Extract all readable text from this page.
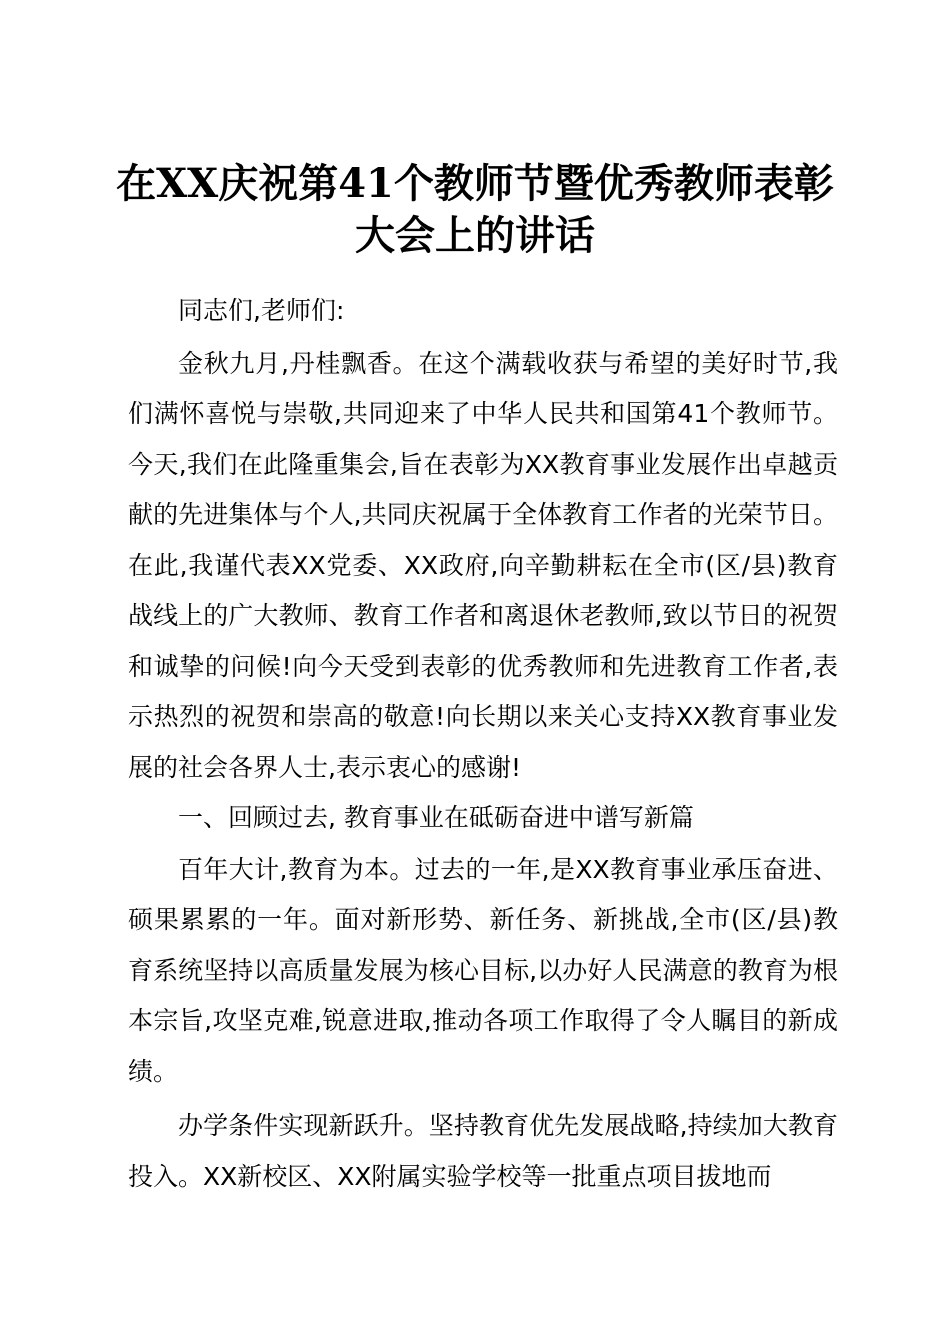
在XX庆祝第41个教师节暨优秀教师表彰大会上的讲话

同志们,老师们:

金秋九月,丹桂飘香。在这个满载收获与希望的美好时节,我们满怀喜悦与崇敬,共同迎来了中华人民共和国第41个教师节。今天,我们在此隆重集会,旨在表彰为XX教育事业发展作出卓越贡献的先进集体与个人,共同庆祝属于全体教育工作者的光荣节日。在此,我谨代表XX党委、XX政府,向辛勤耕耘在全市(区/县)教育战线上的广大教师、教育工作者和离退休老教师,致以节日的祝贺和诚挚的问候!向今天受到表彰的优秀教师和先进教育工作者,表示热烈的祝贺和崇高的敬意!向长期以来关心支持XX教育事业发展的社会各界人士,表示衷心的感谢!

一、回顾过去, 教育事业在砥砺奋进中谱写新篇

百年大计,教育为本。过去的一年,是XX教育事业承压奋进、硕果累累的一年。面对新形势、新任务、新挑战,全市(区/县)教育系统坚持以高质量发展为核心目标,以办好人民满意的教育为根本宗旨,攻坚克难,锐意进取,推动各项工作取得了令人瞩目的新成绩。

办学条件实现新跃升。坚持教育优先发展战略,持续加大教育投入。XX新校区、XX附属实验学校等一批重点项目拔地而
